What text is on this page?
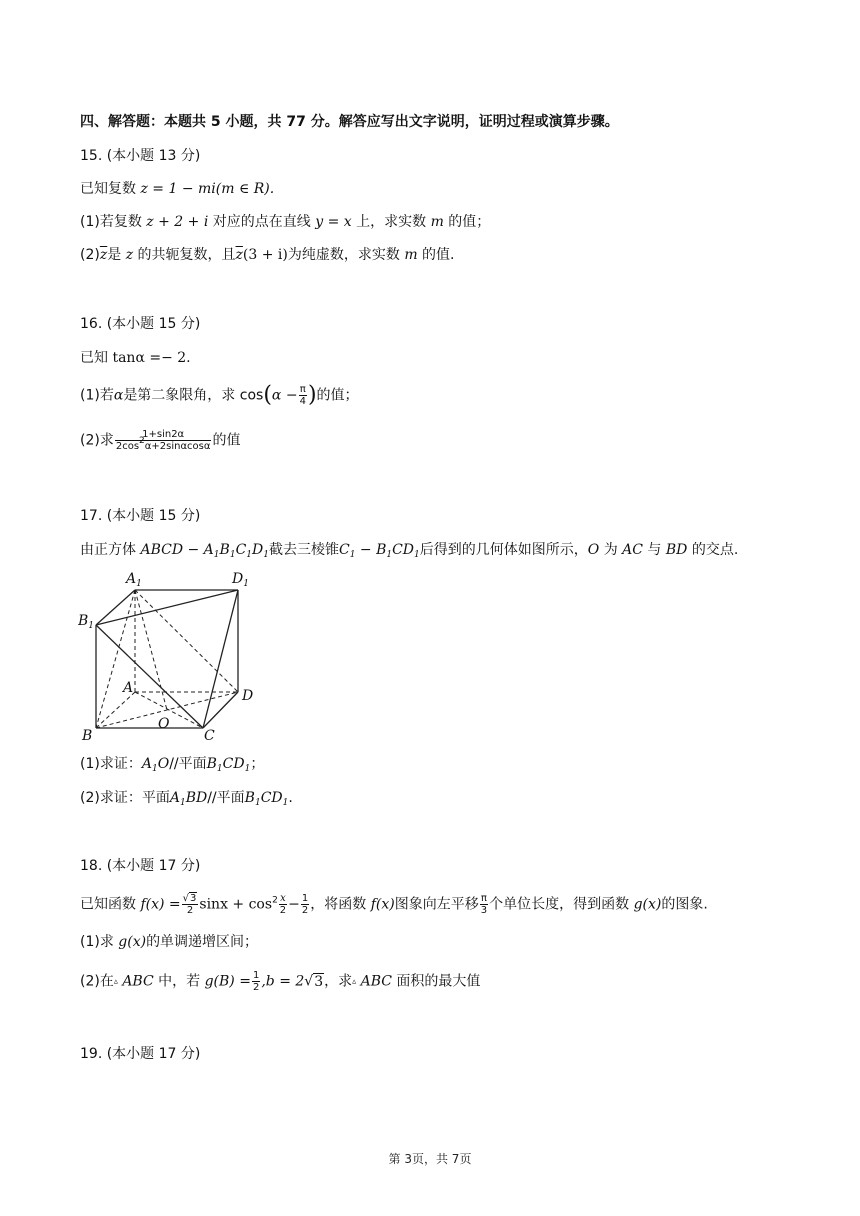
四、解答题：本题共 5 小题，共 77 分。解答应写出文字说明，证明过程或演算步骤。
15. (本小题 13 分)
已知复数 z = 1 − mi(m ∈ R).
(1)若复数 z + 2 + i 对应的点在直线 y = x 上，求实数 m 的值；
$(2)\overline{z}$是 z 的共轭复数，且$\overline{z}(3 + i)$为纯虚数，求实数 m 的值.
16. (本小题 15 分)
已知 tanα =− 2.
(1)若α是第二象限角，求 $\cos(\alpha - \frac{\pi}{4}$ )的值；
(2)求 $\frac{1+\sin 2\alpha}{2\cos^2\alpha+2\sin\alpha\cos\alpha}$ 的值
17. (本小题 15 分)
由正方体 ABCD − $A_1B_1C_1D_1$截去三棱锥$C_1 - B_1CD_1$后得到的几何体如图所示，O 为 AC 与 BD 的交点.
$A_1$	$D_1$
$B_1$
A	D
B	C
O
(1)求证：$A_1O//$平面$B_1CD_1$；
(2)求证：平面$A_1BD//$平面$B_1CD_1$.
18. (本小题 17 分)
已知函数 $f(x) = \frac{√3}{2}$ $\sin x + \cos^2 \frac{x}{2} - \frac{1}{2}$ ，将函数 f(x)图象向左平移 $\frac{\pi}{3}$ 个单位长度，得到函数 g(x)的图象.
(1)求 g(x)的单调递增区间；
(2)在▵ ABC 中，若 $g(B) = \frac{1}{2} ,b = 2√3$，求▵ ABC 面积的最大值
19. (本小题 17 分)
第 3页，共 7页
